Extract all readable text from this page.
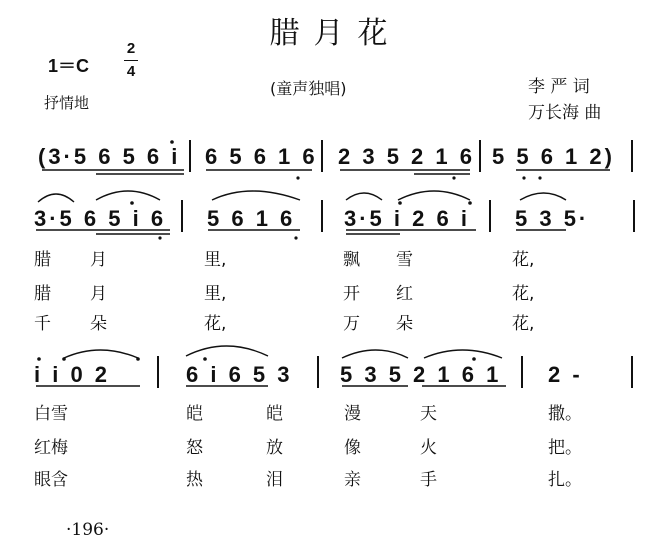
腊月花
$1=C \frac{2}{4}$
抒情地
(童声独唱)	李 严 词
万长海 曲
(3·5 6 5 6 i 6 5 6 1 6 2 3 5 2 1 6 5 5 6 1 2)
3·5 6 5 i 6 5 6 1 6 3·5 i 2 6 i 5 3 5·
腊 月	里,	飘 雪	花,
腊 月	里,	开 红	花,
千 朵	花,	万 朵	花,
i i 0 2	6 i 6 5 3 5 3 5 2 1 6 1 2 -
白雪	皑	皑	漫	天	撒。
红梅	怒	放	像	火	把。
眼含	热	泪	亲	手	扎。
·196·
